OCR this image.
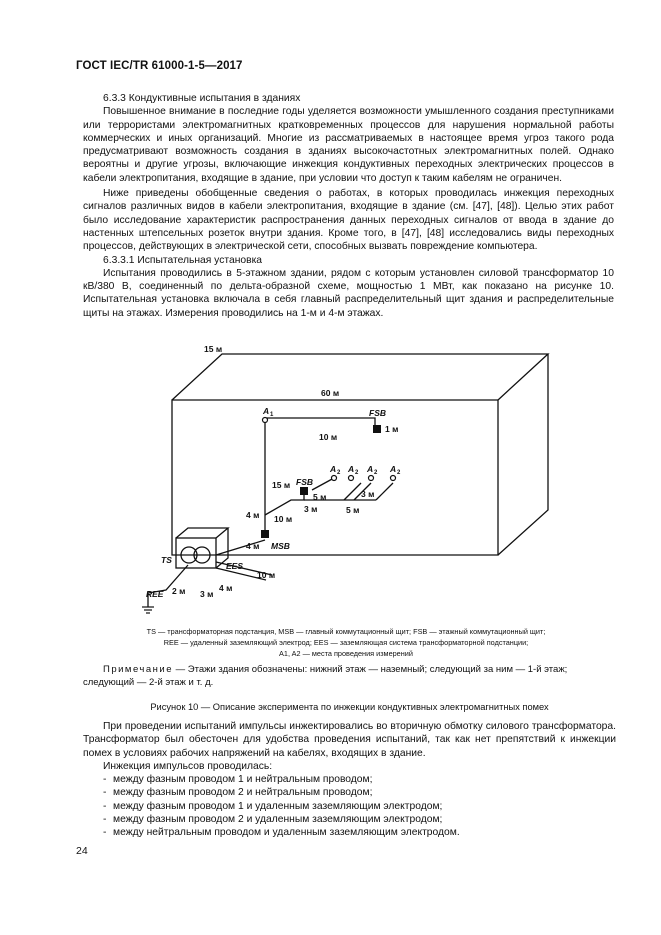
ГОСТ IEC/TR 61000-1-5—2017

6.3.3 Кондуктивные испытания в зданиях

Повышенное внимание в последние годы уделяется возможности умышленного создания преступниками или террористами электромагнитных кратковременных процессов для нарушения нормальной работы коммерческих и иных организаций. Многие из рассматриваемых в настоящее время угроз такого рода предусматривают возможность создания в зданиях высокочастотных электромагнитных полей. Однако вероятны и другие угрозы, включающие инжекция кондуктивных переходных электрических процессов в кабели электропитания, входящие в здание, при условии что доступ к таким кабелям не ограничен.

Ниже приведены обобщенные сведения о работах, в которых проводилась инжекция переходных сигналов различных видов в кабели электропитания, входящие в здание (см. [47], [48]). Целью этих работ было исследование характеристик распространения данных переходных сигналов от ввода в здание до настенных штепсельных розеток внутри здания. Кроме того, в [47], [48] исследовались виды переходных процессов, действующих в электрической сети, способных вызвать повреждение компьютера.

6.3.3.1 Испытательная установка

Испытания проводились в 5-этажном здании, рядом с которым установлен силовой трансформатор 10 кВ/380 В, соединенный по дельта-образной схеме, мощностью 1 МВт, как показано на рисунке 10. Испытательная установка включала в себя главный распределительный щит здания и распределительные щиты на этажах. Измерения проводились на 1-м и 4-м этажах.

15 м
60 м
A 1	FSB
1 м
10 м
A 2 A 2 A 2 A 2
FSB
15 м
5 м
3 м
3 м
5 м
10 м
4 м
MSB
4 м
TS
EES
10 м
4 м
2 м 3 м
REE
TS — трансформаторная подстанция, MSB — главный коммутационный щит; FSB — этажный коммутационный щит;
REE — удаленный заземляющий электрод; EES — заземляющая система трансформаторной подстанции;
A1, A2 — места проведения измерений
Примечание — Этажи здания обозначены: нижний этаж — наземный; следующий за ним — 1-й этаж; следующий — 2-й этаж и т. д.
Рисунок 10 — Описание эксперимента по инжекции кондуктивных электромагнитных помех

При проведении испытаний импульсы инжектировались во вторичную обмотку силового трансформатора. Трансформатор был обесточен для удобства проведения испытаний, так как нет препятствий к инжекции помех в условиях рабочих напряжений на кабелях, входящих в здание.

Инжекция импульсов проводилась:

- между фазным проводом 1 и нейтральным проводом;
- между фазным проводом 2 и нейтральным проводом;
- между фазным проводом 1 и удаленным заземляющим электродом;
- между фазным проводом 2 и удаленным заземляющим электродом;
- между нейтральным проводом и удаленным заземляющим электродом.
24
